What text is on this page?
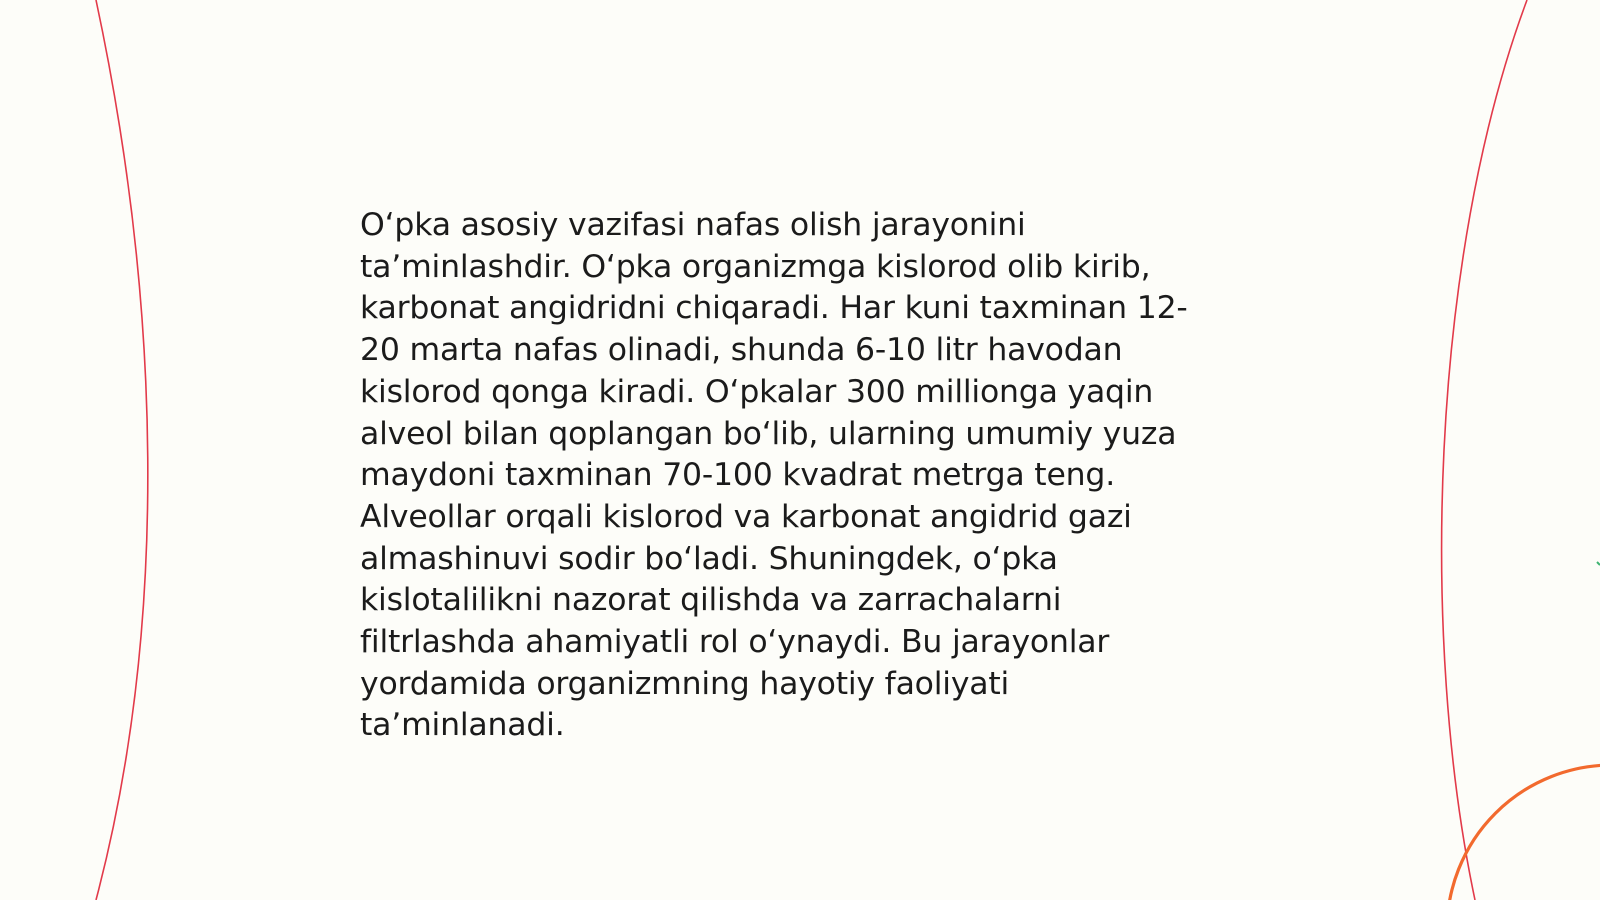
O‘pka asosiy vazifasi nafas olish jarayonini
ta’minlashdir. O‘pka organizmga kislorod olib kirib,
karbonat angidridni chiqaradi. Har kuni taxminan 12-
20 marta nafas olinadi, shunda 6-10 litr havodan
kislorod qonga kiradi. O‘pkalar 300 millionga yaqin
alveol bilan qoplangan bo‘lib, ularning umumiy yuza
maydoni taxminan 70-100 kvadrat metrga teng.
Alveollar orqali kislorod va karbonat angidrid gazi
almashinuvi sodir bo‘ladi. Shuningdek, o‘pka
kislotalilikni nazorat qilishda va zarrachalarni
filtrlashda ahamiyatli rol o‘ynaydi. Bu jarayonlar
yordamida organizmning hayotiy faoliyati
ta’minlanadi.
